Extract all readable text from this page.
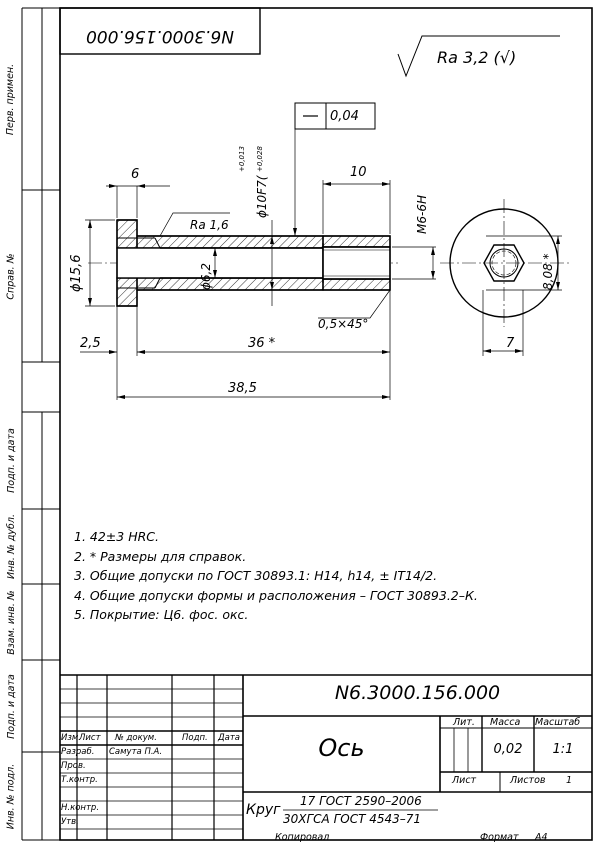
6	10
0,04
ϕ10F7(
+0,013 +0,028
M6-6H
Ra 1,6
ϕ15,6	ϕ6,2
0,5×45°
2,5	36 *
38,5
8,08 *
7
Ra 3,2 (√)
N6.3000.156.000
Перв. примен.
Справ. №
Подп. и дата
Инв. № дубл.
Взам. инв. №
Подп. и дата
Инв. № подл.
1. 42±3 HRC.
2. * Размеры для справок.
3. Общие допуски по ГОСТ 30893.1: H14, h14, ± IT14/2.
4. Общие допуски формы и расположения – ГОСТ 30893.2–К.
5. Покрытие: Ц6. фос. окс.
N6.3000.156.000
Ось
Изм.
Лист № докум.	Подп. Дата
Разраб. Самута П.А.
Пров.
Т.контр.
Н.контр.
Утв.
Лит. Масса Масштаб
0,02	1:1
Лист	Листов 1
Круг
17 ГОСТ 2590–2006
30ХГСА ГОСТ 4543–71
Копировал	Формат А4
